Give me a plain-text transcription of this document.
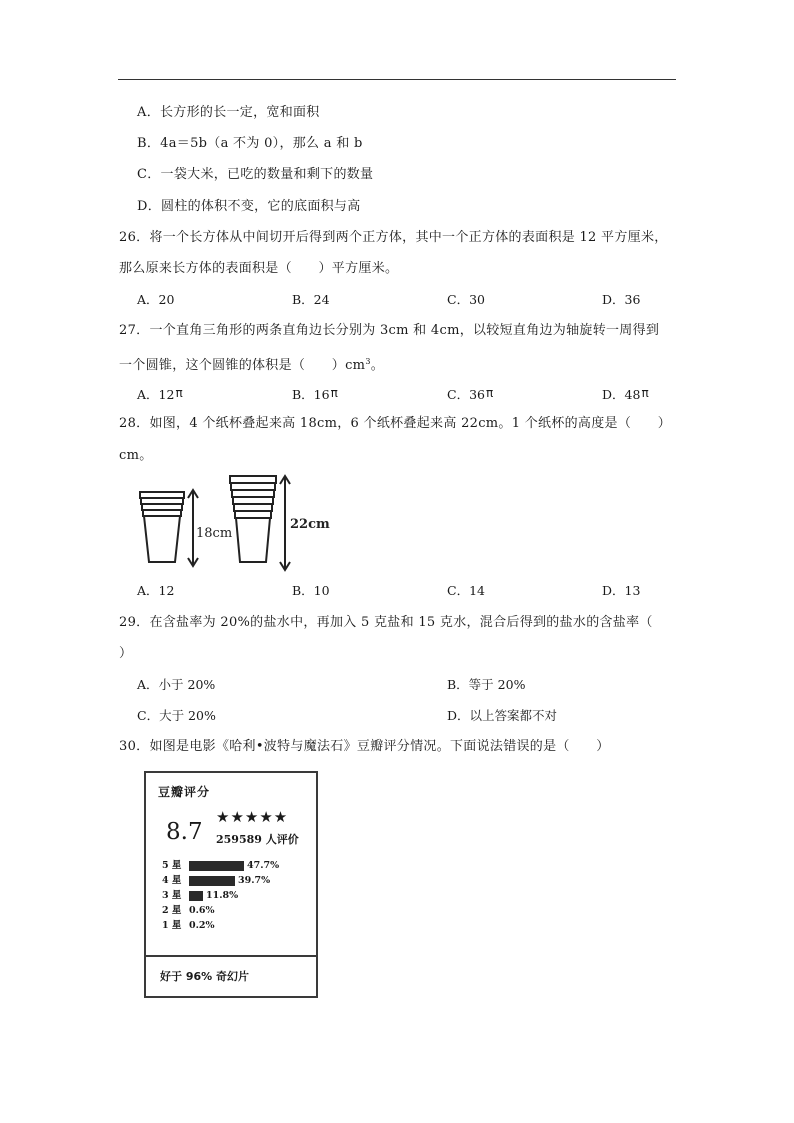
A．长方形的长一定，宽和面积
B．4a＝5b（a 不为 0），那么 a 和 b
C．一袋大米，已吃的数量和剩下的数量
D．圆柱的体积不变，它的底面积与高
26．将一个长方体从中间切开后得到两个正方体，其中一个正方体的表面积是 12 平方厘米，
那么原来长方体的表面积是（　　）平方厘米。
A．20	B．24	C．30	D．36
27．一个直角三角形的两条直角边长分别为 3cm 和 4cm，以较短直角边为轴旋转一周得到
一个圆锥，这个圆锥的体积是（　　）$cm^3$。
A．12π	B．16π	C．36π	D．48π
28．如图，4 个纸杯叠起来高 18cm，6 个纸杯叠起来高 22cm。1 个纸杯的高度是（　　）
cm。
18cm
22cm
A．12	B．10	C．14	D．13
29．在含盐率为 20%的盐水中，再加入 5 克盐和 15 克水，混合后得到的盐水的含盐率（
）
A．小于 20%	B．等于 20%
C．大于 20%	D．以上答案都不对
30．如图是电影《哈利•波特与魔法石》豆瓣评分情况。下面说法错误的是（　　）
豆瓣评分
8.7
★★★★★
259589 人评价
5 星	47.7%
4 星	39.7%
3 星	11.8%
2 星 0.6%
1 星 0.2%
好于 96% 奇幻片
